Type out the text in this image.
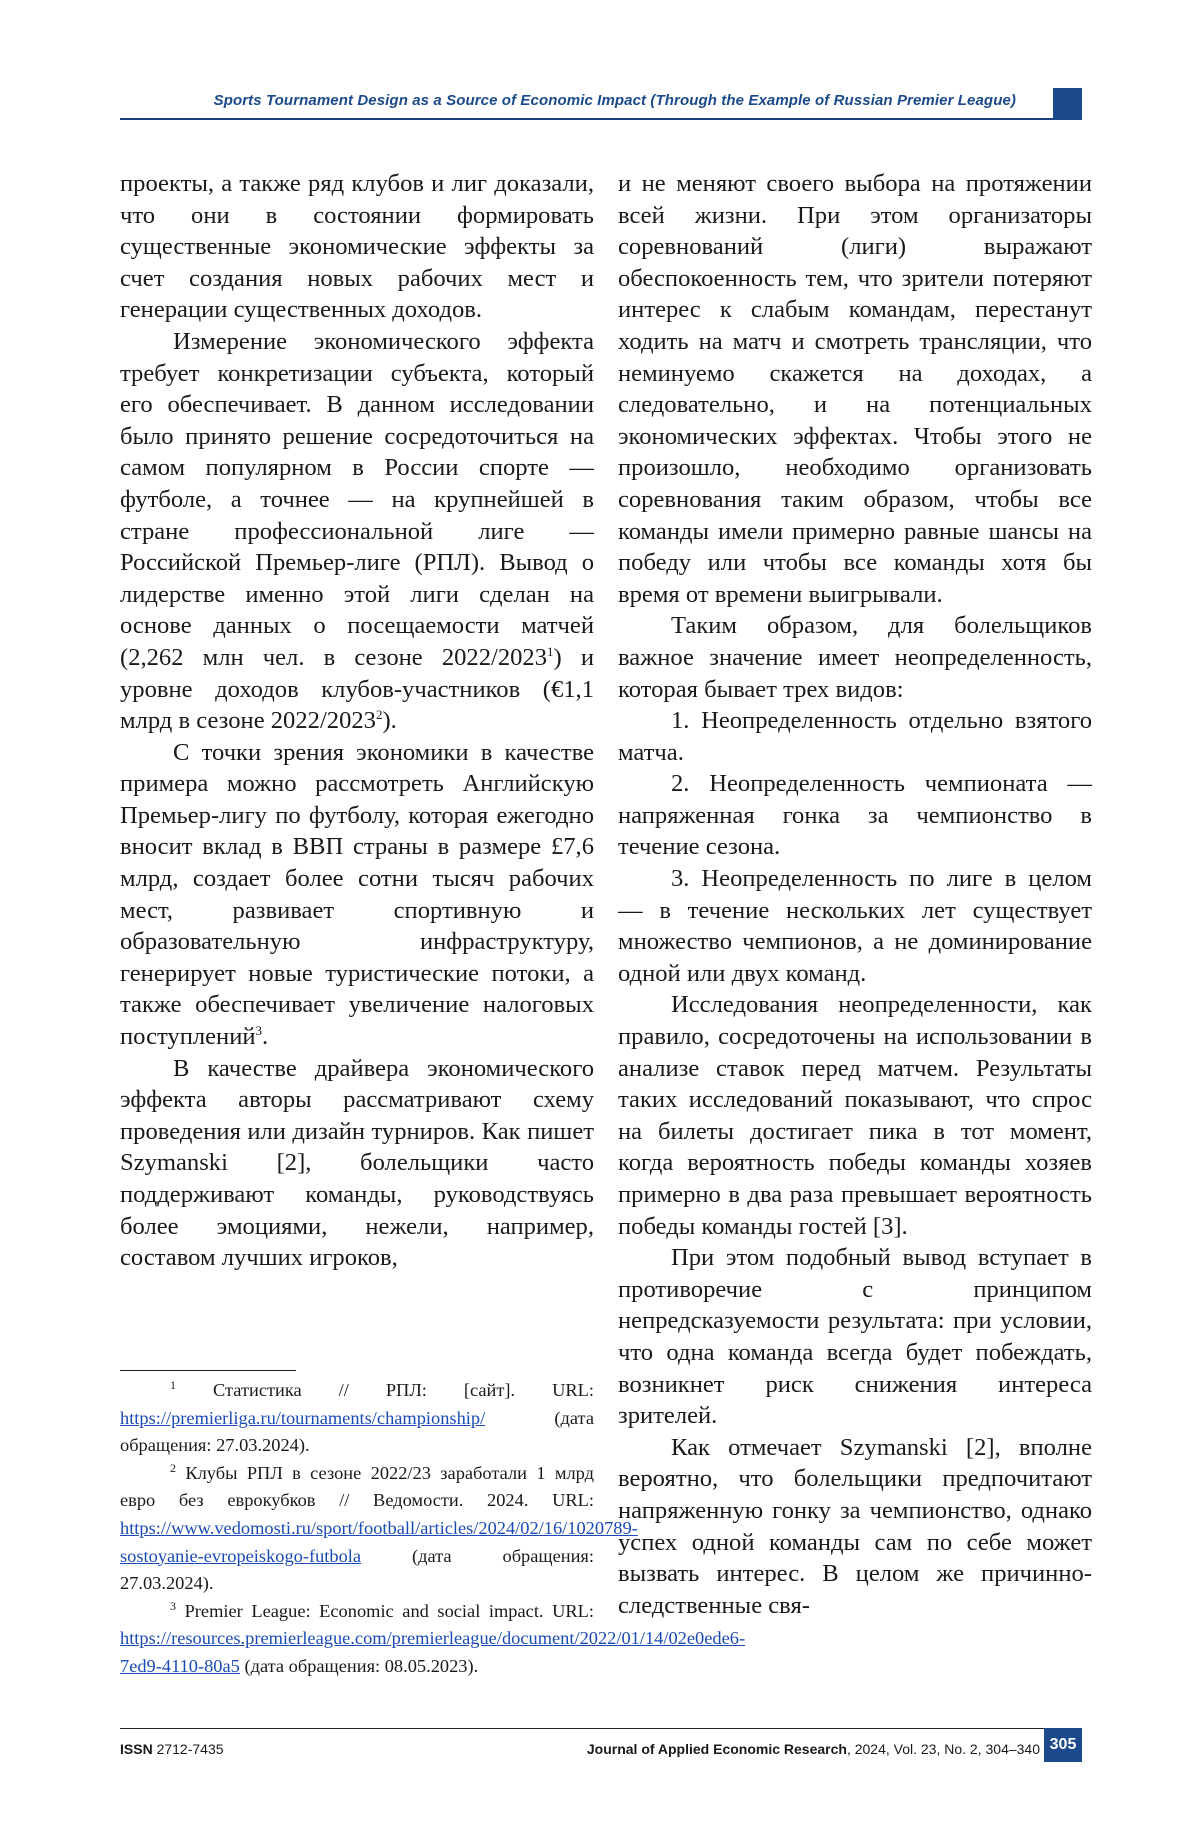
Sports Tournament Design as a Source of Economic Impact (Through the Example of Russian Premier League)

проекты, а также ряд клубов и лиг доказали, что они в состоянии формировать существенные экономические эффекты за счет создания новых рабочих мест и генерации существенных доходов.

Измерение экономического эффекта требует конкретизации субъекта, который его обеспечивает. В данном исследовании было принято решение сосредоточиться на самом популярном в России спорте — футболе, а точнее — на крупнейшей в стране профессиональной лиге — Российской Премьер-лиге (РПЛ). Вывод о лидерстве именно этой лиги сделан на основе данных о посещаемости матчей (2,262 млн чел. в сезоне 2022/2023$^1$) и уровне доходов клубов-участников (€1,1 млрд в сезоне 2022/2023$^2$).

С точки зрения экономики в качестве примера можно рассмотреть Английскую Премьер-лигу по футболу, которая ежегодно вносит вклад в ВВП страны в размере £7,6 млрд, создает более сотни тысяч рабочих мест, развивает спортивную и образовательную инфраструктуру, генерирует новые туристические потоки, а также обеспечивает увеличение налоговых поступлений$^3$.

В качестве драйвера экономического эффекта авторы рассматривают схему проведения или дизайн турниров. Как пишет Szymanski [2], болельщики часто поддерживают команды, руководствуясь более эмоциями, нежели, например, составом лучших игроков,

и не меняют своего выбора на протяжении всей жизни. При этом организаторы соревнований (лиги) выражают обеспокоенность тем, что зрители потеряют интерес к слабым командам, перестанут ходить на матч и смотреть трансляции, что неминуемо скажется на доходах, а следовательно, и на потенциальных экономических эффектах. Чтобы этого не произошло, необходимо организовать соревнования таким образом, чтобы все команды имели примерно равные шансы на победу или чтобы все команды хотя бы время от времени выигрывали.

Таким образом, для болельщиков важное значение имеет неопределенность, которая бывает трех видов:

1. Неопределенность отдельно взятого матча.

2. Неопределенность чемпионата — напряженная гонка за чемпионство в течение сезона.

3. Неопределенность по лиге в целом — в течение нескольких лет существует множество чемпионов, а не доминирование одной или двух команд.

Исследования неопределенности, как правило, сосредоточены на использовании в анализе ставок перед матчем. Результаты таких исследований показывают, что спрос на билеты достигает пика в тот момент, когда вероятность победы команды хозяев примерно в два раза превышает вероятность победы команды гостей [3].

При этом подобный вывод вступает в противоречие с принципом непредсказуемости результата: при условии, что одна команда всегда будет побеждать, возникнет риск снижения интереса зрителей.

Как отмечает Szymanski [2], вполне вероятно, что болельщики предпочитают напряженную гонку за чемпионство, однако успех одной команды сам по себе может вызвать интерес. В целом же причинно-следственные свя-

$^1$ Статистика // РПЛ: [сайт]. URL: https://premierliga.ru/tournaments/championship/ (дата обращения: 27.03.2024).

$^2$ Клубы РПЛ в сезоне 2022/23 заработали 1 млрд евро без еврокубков // Ведомости. 2024. URL: https://www.vedomosti.ru/sport/football/articles/2024/02/16/1020789-sostoyanie-evropeiskogo-futbola (дата обращения: 27.03.2024).

$^3$ Premier League: Economic and social impact. URL: https://resources.premierleague.com/premierleague/document/2022/01/14/02e0ede6-7ed9-4110-80a5 (дата обращения: 08.05.2023).

ISSN 2712-7435	Journal of Applied Economic Research, 2024, Vol. 23, No. 2, 304–340 305
